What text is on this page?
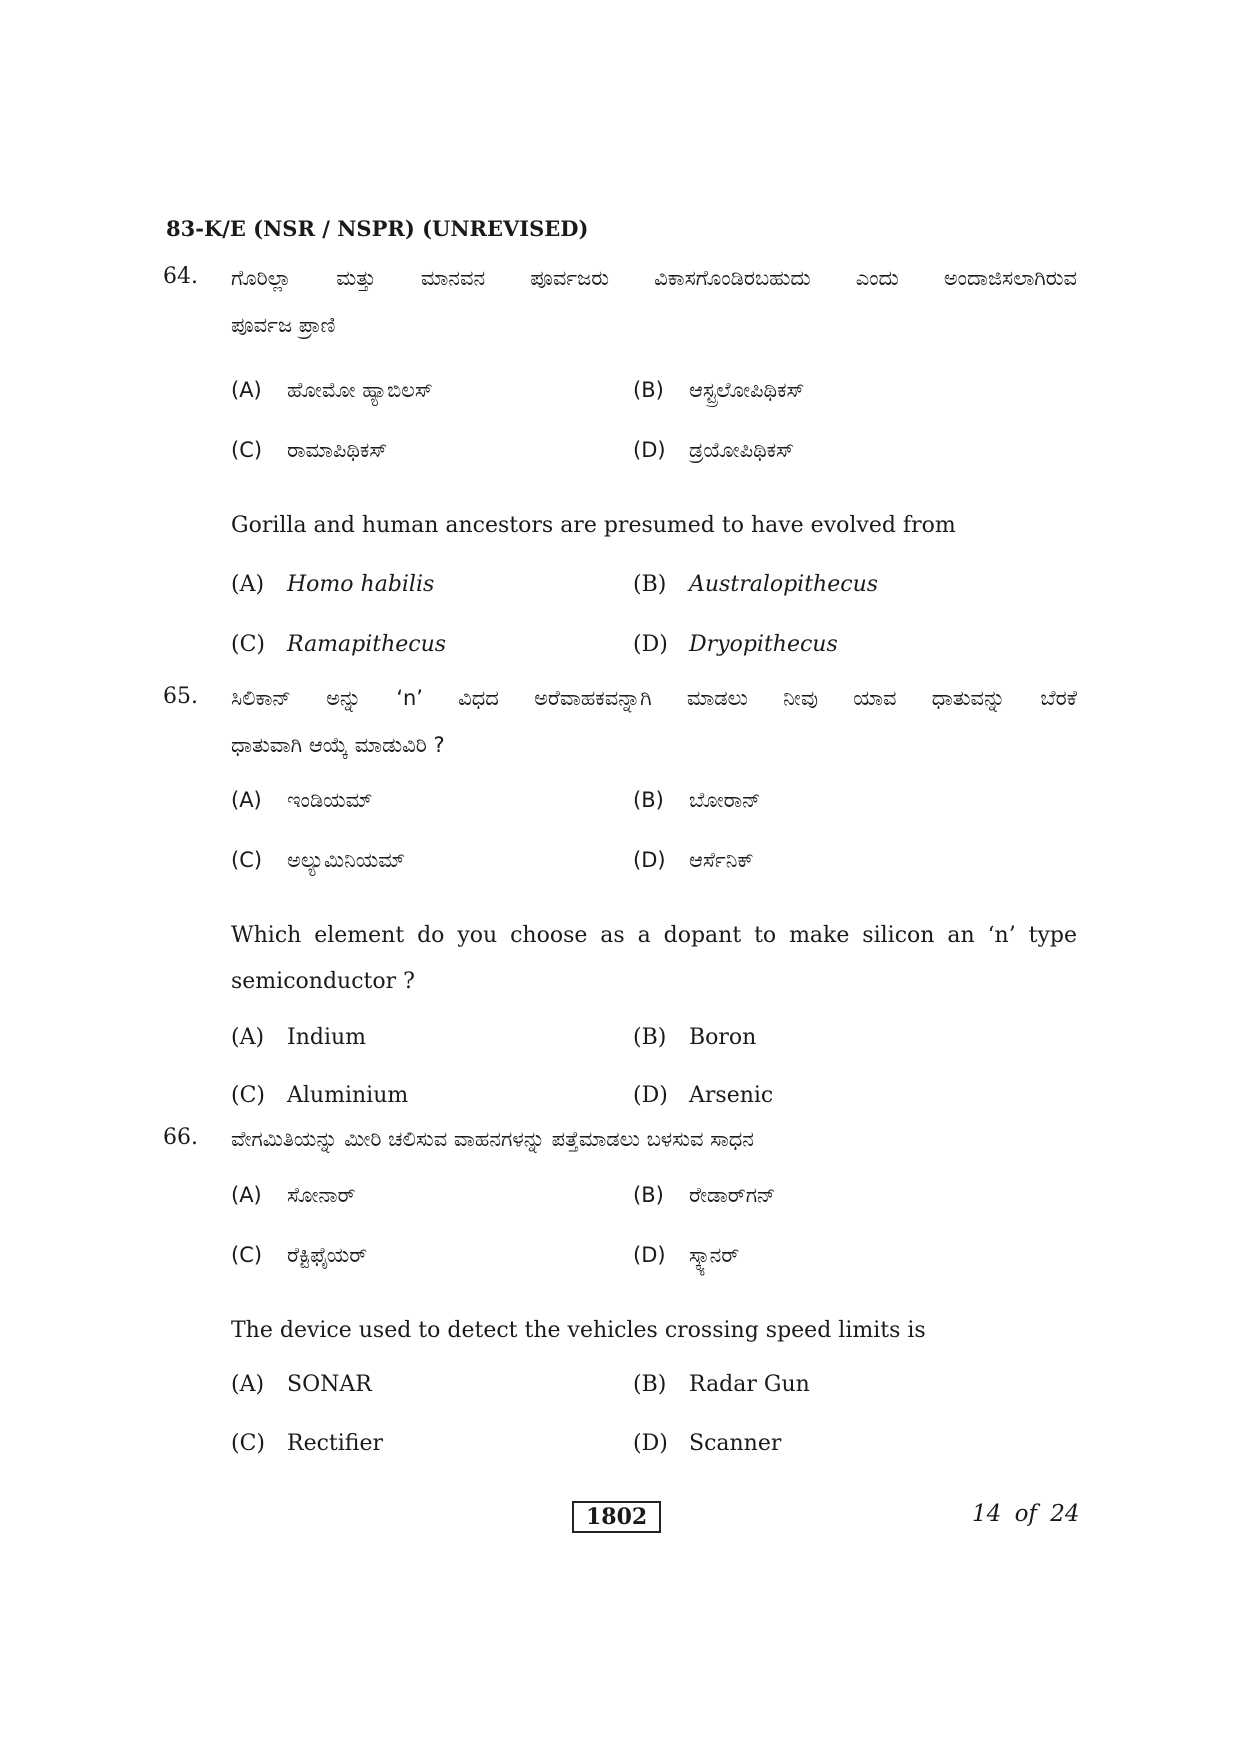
83-K/E (NSR / NSPR) (UNREVISED)
64. ಗೊರಿಲ್ಲಾ ಮತ್ತು ಮಾನವನ ಪೂರ್ವಜರು ವಿಕಾಸಗೊಂಡಿರಬಹುದು ಎಂದು ಅಂದಾಜಿಸಲಾಗಿರುವ
ಪೂರ್ವಜ ಪ್ರಾಣಿ
(A) ಹೋಮೋ ಹ್ಯಾಬಿಲಸ್	(B) ಆಸ್ಟ್ರಲೋಪಿಥಿಕಸ್
(C) ರಾಮಾಪಿಥಿಕಸ್	(D) ಡ್ರಯೋಪಿಥಿಕಸ್
Gorilla and human ancestors are presumed to have evolved from
(A) Homo habilis	(B) Australopithecus
(C) Ramapithecus	(D) Dryopithecus
65. ಸಿಲಿಕಾನ್ ಅನ್ನು ‘n’ ವಿಧದ ಅರೆವಾಹಕವನ್ನಾಗಿ ಮಾಡಲು ನೀವು ಯಾವ ಧಾತುವನ್ನು ಬೆರಕೆ
ಧಾತುವಾಗಿ ಆಯ್ಕೆ ಮಾಡುವಿರಿ ?
(A) ಇಂಡಿಯಮ್	(B) ಬೋರಾನ್
(C) ಅಲ್ಯುಮಿನಿಯಮ್	(D) ಆರ್ಸೆನಿಕ್
Which element do you choose as a dopant to make silicon an ‘n’ type
semiconductor ?
(A) Indium	(B) Boron
(C) Aluminium	(D) Arsenic
66. ವೇಗಮಿತಿಯನ್ನು ಮೀರಿ ಚಲಿಸುವ ವಾಹನಗಳನ್ನು ಪತ್ತೆಮಾಡಲು ಬಳಸುವ ಸಾಧನ
(A) ಸೋನಾರ್	(B) ರೇಡಾರ್‌ಗನ್
(C) ರೆಕ್ಟಿಫೈಯರ್	(D) ಸ್ಕ್ಯಾನರ್
The device used to detect the vehicles crossing speed limits is
(A) SONAR	(B) Radar Gun
(C) Rectifier	(D) Scanner
1802	14 of 24
